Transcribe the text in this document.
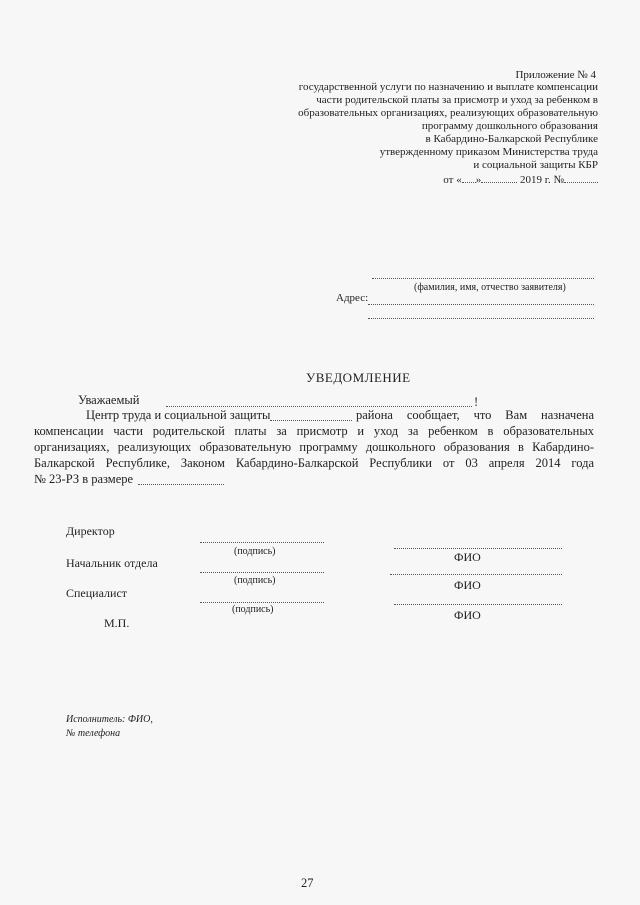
Приложение № 4
государственной услуги по назначению и выплате компенсации
части родительской платы за присмотр и уход за ребенком в
образовательных организациях, реализующих образовательную
программу дошкольного образования
в Кабардино-Балкарской Республике
утвержденному приказом Министерства труда
и социальной защиты КБР
от « »	2019 г. №
(фамилия, имя, отчество заявителя)
Адрес:
УВЕДОМЛЕНИЕ
Уважаемый	!
Центр труда и социальной защиты	района сообщает, что Вам назначена
компенсации части родительской платы за присмотр и уход за ребенком в образовательных
организациях, реализующих образовательную программу дошкольного образования в Кабардино-
Балкарской Республике, Законом Кабардино-Балкарской Республики от 03 апреля 2014 года
№ 23-РЗ в размере
Директор
(подпись)	ФИО
Начальник отдела
(подпись)	ФИО
Специалист
(подпись)	ФИО
М.П.
Исполнитель: ФИО,
№ телефона
27
